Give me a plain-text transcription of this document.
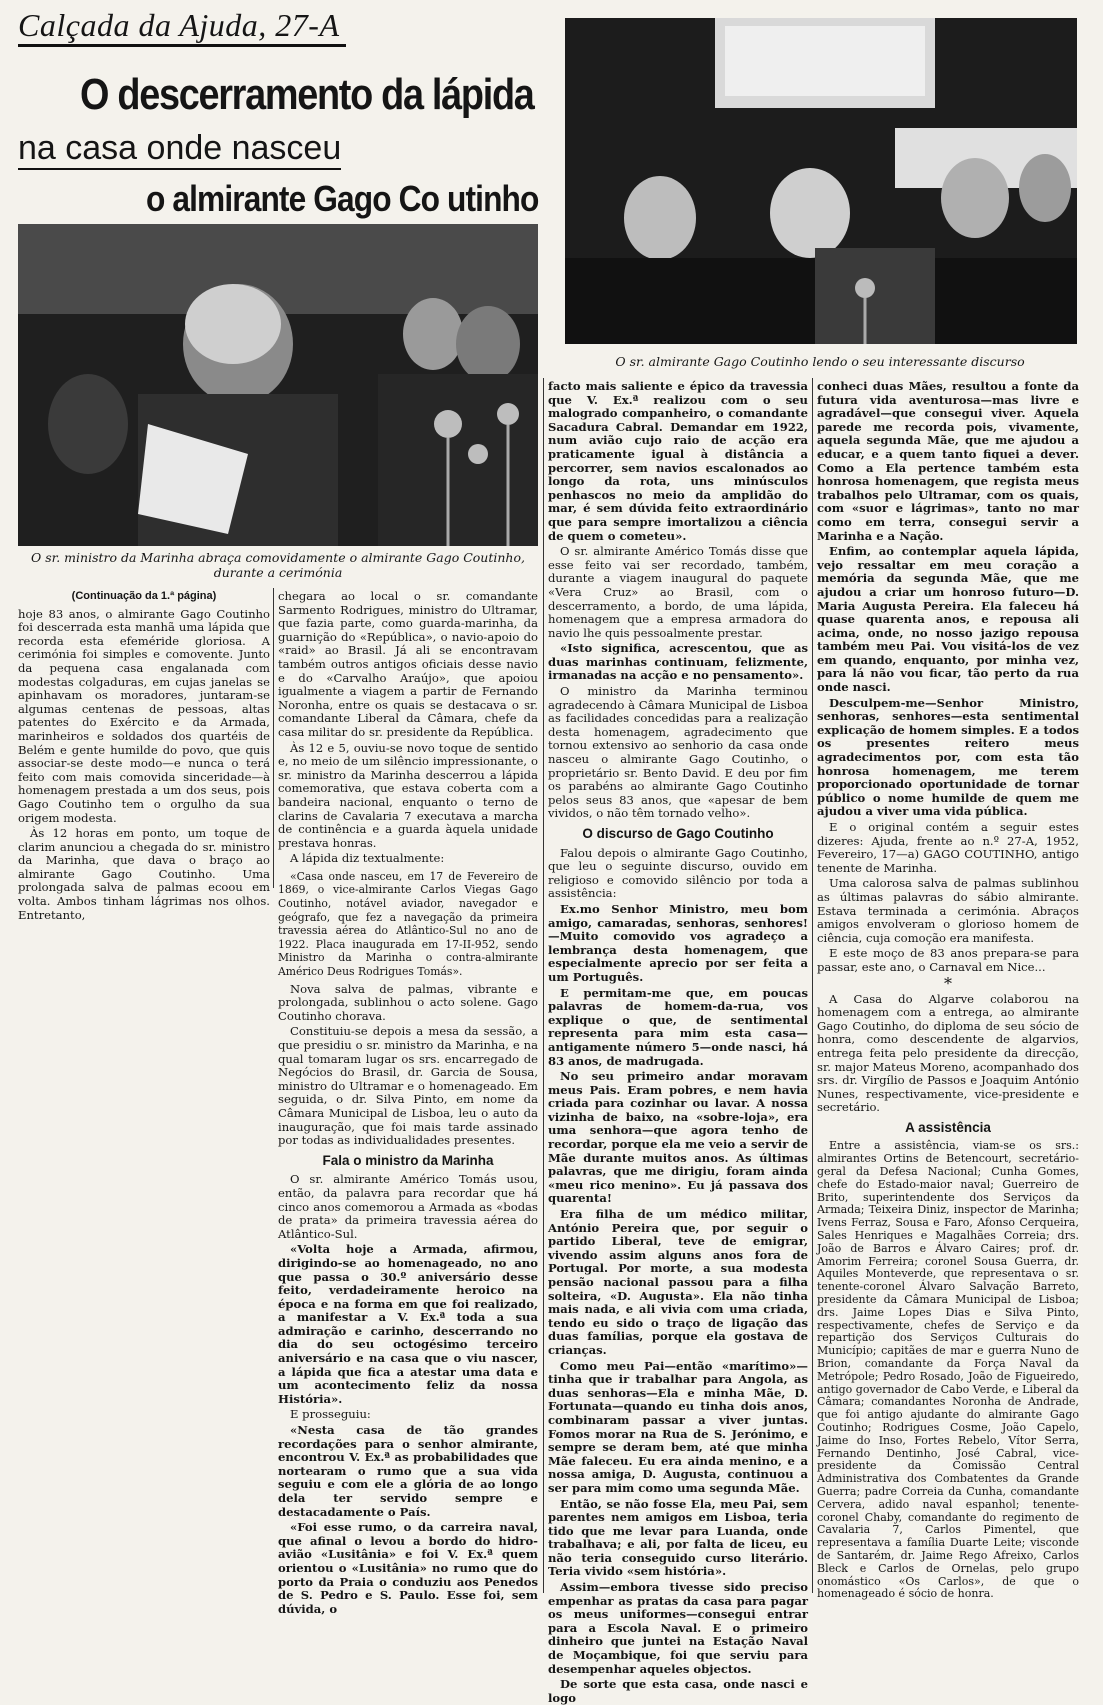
Calçada da Ajuda, 27-A
O descerramento da lápida
na casa onde nasceu
o almirante Gago Co utinho
O sr. ministro da Marinha abraça comovidamente o almirante Gago Coutinho, durante a cerimónia
O sr. almirante Gago Coutinho lendo o seu interessante discurso
(Continuação da 1.ª página)

hoje 83 anos, o almirante Gago Coutinho foi descerrada esta manhã uma lápida que recorda esta efeméride gloriosa. A cerimónia foi simples e comovente. Junto da pequena casa engalanada com modestas colgaduras, em cujas janelas se apinhavam os moradores, juntaram-se algumas centenas de pessoas, altas patentes do Exército e da Armada, marinheiros e soldados dos quartéis de Belém e gente humilde do povo, que quis associar-se deste modo—e nunca o terá feito com mais comovida sinceridade—à homenagem prestada a um dos seus, pois Gago Coutinho tem o orgulho da sua origem modesta.

Às 12 horas em ponto, um toque de clarim anunciou a chegada do sr. ministro da Marinha, que dava o braço ao almirante Gago Coutinho. Uma prolongada salva de palmas ecoou em volta. Ambos tinham lágrimas nos olhos. Entretanto,

chegara ao local o sr. comandante Sarmento Rodrigues, ministro do Ultramar, que fazia parte, como guarda-marinha, da guarnição do «República», o navio-apoio do «raid» ao Brasil. Já ali se encontravam também outros antigos oficiais desse navio e do «Carvalho Araújo», que apoiou igualmente a viagem a partir de Fernando Noronha, entre os quais se destacava o sr. comandante Liberal da Câmara, chefe da casa militar do sr. presidente da República.

Às 12 e 5, ouviu-se novo toque de sentido e, no meio de um silêncio impressionante, o sr. ministro da Marinha descerrou a lápida comemorativa, que estava coberta com a bandeira nacional, enquanto o terno de clarins de Cavalaria 7 executava a marcha de continência e a guarda àquela unidade prestava honras.

A lápida diz textualmente:

«Casa onde nasceu, em 17 de Fevereiro de 1869, o vice-almirante Carlos Viegas Gago Coutinho, notável aviador, navegador e geógrafo, que fez a navegação da primeira travessia aérea do Atlântico-Sul no ano de 1922. Placa inaugurada em 17-II-952, sendo Ministro da Marinha o contra-almirante Américo Deus Rodrigues Tomás».

Nova salva de palmas, vibrante e prolongada, sublinhou o acto solene. Gago Coutinho chorava.

Constituiu-se depois a mesa da sessão, a que presidiu o sr. ministro da Marinha, e na qual tomaram lugar os srs. encarregado de Negócios do Brasil, dr. Garcia de Sousa, ministro do Ultramar e o homenageado. Em seguida, o dr. Silva Pinto, em nome da Câmara Municipal de Lisboa, leu o auto da inauguração, que foi mais tarde assinado por todas as individualidades presentes.

Fala o ministro da Marinha

O sr. almirante Américo Tomás usou, então, da palavra para recordar que há cinco anos comemorou a Armada as «bodas de prata» da primeira travessia aérea do Atlântico-Sul.

«Volta hoje a Armada, afirmou, dirigindo-se ao homenageado, no ano que passa o 30.º aniversário desse feito, verdadeiramente heroico na época e na forma em que foi realizado, a manifestar a V. Ex.ª toda a sua admiração e carinho, descerrando no dia do seu octogésimo terceiro aniversário e na casa que o viu nascer, a lápida que fica a atestar uma data e um acontecimento feliz da nossa História».

E prosseguiu:

«Nesta casa de tão grandes recordações para o senhor almirante, encontrou V. Ex.ª as probabilidades que nortearam o rumo que a sua vida seguiu e com ele a glória de ao longo dela ter servido sempre e destacadamente o País.

«Foi esse rumo, o da carreira naval, que afinal o levou a bordo do hidro-avião «Lusitânia» e foi V. Ex.ª quem orientou o «Lusitânia» no rumo que do porto da Praia o conduziu aos Penedos de S. Pedro e S. Paulo. Esse foi, sem dúvida, o

facto mais saliente e épico da travessia que V. Ex.ª realizou com o seu malogrado companheiro, o comandante Sacadura Cabral. Demandar em 1922, num avião cujo raio de acção era praticamente igual à distância a percorrer, sem navios escalonados ao longo da rota, uns minúsculos penhascos no meio da amplidão do mar, é sem dúvida feito extraordinário que para sempre imortalizou a ciência de quem o cometeu».

O sr. almirante Américo Tomás disse que esse feito vai ser recordado, também, durante a viagem inaugural do paquete «Vera Cruz» ao Brasil, com o descerramento, a bordo, de uma lápida, homenagem que a empresa armadora do navio lhe quis pessoalmente prestar.

«Isto significa, acrescentou, que as duas marinhas continuam, felizmente, irmanadas na acção e no pensamento».

O ministro da Marinha terminou agradecendo à Câmara Municipal de Lisboa as facilidades concedidas para a realização desta homenagem, agradecimento que tornou extensivo ao senhorio da casa onde nasceu o almirante Gago Coutinho, o proprietário sr. Bento David. E deu por fim os parabéns ao almirante Gago Coutinho pelos seus 83 anos, que «apesar de bem vividos, o não têm tornado velho».

O discurso de Gago Coutinho

Falou depois o almirante Gago Coutinho, que leu o seguinte discurso, ouvido em religioso e comovido silêncio por toda a assistência:

Ex.mo Senhor Ministro, meu bom amigo, camaradas, senhoras, senhores!—Muito comovido vos agradeço a lembrança desta homenagem, que especialmente aprecio por ser feita a um Português.

E permitam-me que, em poucas palavras de homem-da-rua, vos explique o que, de sentimental representa para mim esta casa—antigamente número 5—onde nasci, há 83 anos, de madrugada.

No seu primeiro andar moravam meus Pais. Eram pobres, e nem havia criada para cozinhar ou lavar. A nossa vizinha de baixo, na «sobre-loja», era uma senhora—que agora tenho de recordar, porque ela me veio a servir de Mãe durante muitos anos. As últimas palavras, que me dirigiu, foram ainda «meu rico menino». Eu já passava dos quarenta!

Era filha de um médico militar, António Pereira que, por seguir o partido Liberal, teve de emigrar, vivendo assim alguns anos fora de Portugal. Por morte, a sua modesta pensão nacional passou para a filha solteira, «D. Augusta». Ela não tinha mais nada, e ali vivia com uma criada, tendo eu sido o traço de ligação das duas famílias, porque ela gostava de crianças.

Como meu Pai—então «marítimo»—tinha que ir trabalhar para Angola, as duas senhoras—Ela e minha Mãe, D. Fortunata—quando eu tinha dois anos, combinaram passar a viver juntas. Fomos morar na Rua de S. Jerónimo, e sempre se deram bem, até que minha Mãe faleceu. Eu era ainda menino, e a nossa amiga, D. Augusta, continuou a ser para mim como uma segunda Mãe.

Então, se não fosse Ela, meu Pai, sem parentes nem amigos em Lisboa, teria tido que me levar para Luanda, onde trabalhava; e ali, por falta de liceu, eu não teria conseguido curso literário. Teria vivido «sem história».

Assim—embora tivesse sido preciso empenhar as pratas da casa para pagar os meus uniformes—consegui entrar para a Escola Naval. E o primeiro dinheiro que juntei na Estação Naval de Moçambique, foi que serviu para desempenhar aqueles objectos.

De sorte que esta casa, onde nasci e logo

conheci duas Mães, resultou a fonte da futura vida aventurosa—mas livre e agradável—que consegui viver. Aquela parede me recorda pois, vivamente, aquela segunda Mãe, que me ajudou a educar, e a quem tanto fiquei a dever. Como a Ela pertence também esta honrosa homenagem, que regista meus trabalhos pelo Ultramar, com os quais, com «suor e lágrimas», tanto no mar como em terra, consegui servir a Marinha e a Nação.

Enfim, ao contemplar aquela lápida, vejo ressaltar em meu coração a memória da segunda Mãe, que me ajudou a criar um honroso futuro—D. Maria Augusta Pereira. Ela faleceu há quase quarenta anos, e repousa ali acima, onde, no nosso jazigo repousa também meu Pai. Vou visitá-los de vez em quando, enquanto, por minha vez, para lá não vou ficar, tão perto da rua onde nasci.

Desculpem-me—Senhor Ministro, senhoras, senhores—esta sentimental explicação de homem simples. E a todos os presentes reitero meus agradecimentos por, com esta tão honrosa homenagem, me terem proporcionado oportunidade de tornar público o nome humilde de quem me ajudou a viver uma vida pública.

E o original contém a seguir estes dizeres: Ajuda, frente ao n.º 27-A, 1952, Fevereiro, 17—a) GAGO COUTINHO, antigo tenente de Marinha.

Uma calorosa salva de palmas sublinhou as últimas palavras do sábio almirante. Estava terminada a cerimónia. Abraços amigos envolveram o glorioso homem de ciência, cuja comoção era manifesta.

E este moço de 83 anos prepara-se para passar, este ano, o Carnaval em Nice...

*

A Casa do Algarve colaborou na homenagem com a entrega, ao almirante Gago Coutinho, do diploma de seu sócio de honra, como descendente de algarvios, entrega feita pelo presidente da direcção, sr. major Mateus Moreno, acompanhado dos srs. dr. Virgílio de Passos e Joaquim António Nunes, respectivamente, vice-presidente e secretário.

A assistência

Entre a assistência, viam-se os srs.: almirantes Ortins de Betencourt, secretário-geral da Defesa Nacional; Cunha Gomes, chefe do Estado-maior naval; Guerreiro de Brito, superintendente dos Serviços da Armada; Teixeira Diniz, inspector de Marinha; Ivens Ferraz, Sousa e Faro, Afonso Cerqueira, Sales Henriques e Magalhães Correia; drs. João de Barros e Álvaro Caires; prof. dr. Amorim Ferreira; coronel Sousa Guerra, dr. Aquiles Monteverde, que representava o sr. tenente-coronel Álvaro Salvação Barreto, presidente da Câmara Municipal de Lisboa; drs. Jaime Lopes Dias e Silva Pinto, respectivamente, chefes de Serviço e da repartição dos Serviços Culturais do Município; capitães de mar e guerra Nuno de Brion, comandante da Força Naval da Metrópole; Pedro Rosado, João de Figueiredo, antigo governador de Cabo Verde, e Liberal da Câmara; comandantes Noronha de Andrade, que foi antigo ajudante do almirante Gago Coutinho; Rodrigues Cosme, João Capelo, Jaime do Inso, Fortes Rebelo, Vítor Serra, Fernando Dentinho, José Cabral, vice-presidente da Comissão Central Administrativa dos Combatentes da Grande Guerra; padre Correia da Cunha, comandante Cervera, adido naval espanhol; tenente-coronel Chaby, comandante do regimento de Cavalaria 7, Carlos Pimentel, que representava a família Duarte Leite; visconde de Santarém, dr. Jaime Rego Afreixo, Carlos Bleck e Carlos de Ornelas, pelo grupo onomástico «Os Carlos», de que o homenageado é sócio de honra.
